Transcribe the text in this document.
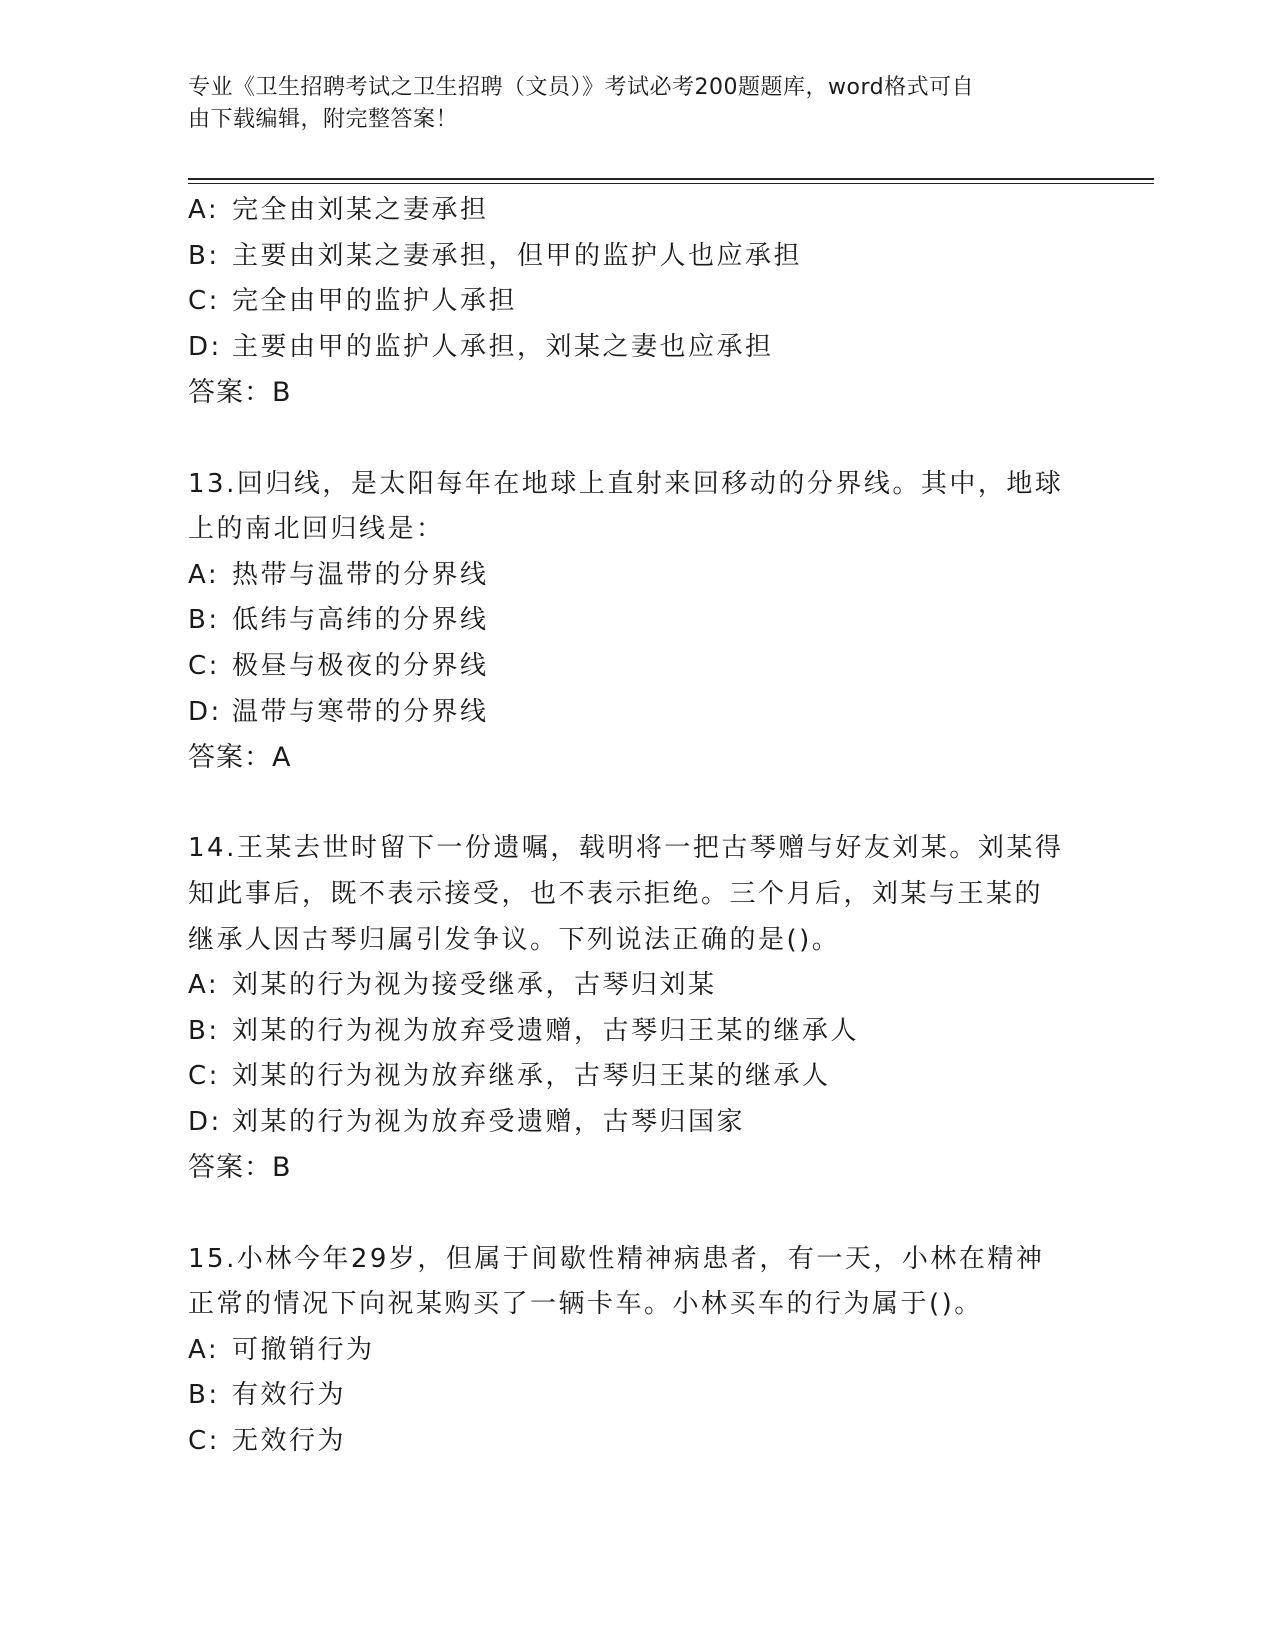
专业《卫生招聘考试之卫生招聘（文员）》考试必考200题题库，word格式可自
由下载编辑，附完整答案！
A: 完全由刘某之妻承担
B: 主要由刘某之妻承担，但甲的监护人也应承担
C: 完全由甲的监护人承担
D: 主要由甲的监护人承担，刘某之妻也应承担
答案：B
13.回归线，是太阳每年在地球上直射来回移动的分界线。其中，地球
上的南北回归线是：
A: 热带与温带的分界线
B: 低纬与高纬的分界线
C: 极昼与极夜的分界线
D: 温带与寒带的分界线
答案：A
14.王某去世时留下一份遗嘱，载明将一把古琴赠与好友刘某。刘某得
知此事后，既不表示接受，也不表示拒绝。三个月后，刘某与王某的
继承人因古琴归属引发争议。下列说法正确的是()。
A: 刘某的行为视为接受继承，古琴归刘某
B: 刘某的行为视为放弃受遗赠，古琴归王某的继承人
C: 刘某的行为视为放弃继承，古琴归王某的继承人
D: 刘某的行为视为放弃受遗赠，古琴归国家
答案：B
15.小林今年29岁，但属于间歇性精神病患者，有一天，小林在精神
正常的情况下向祝某购买了一辆卡车。小林买车的行为属于()。
A: 可撤销行为
B: 有效行为
C: 无效行为
